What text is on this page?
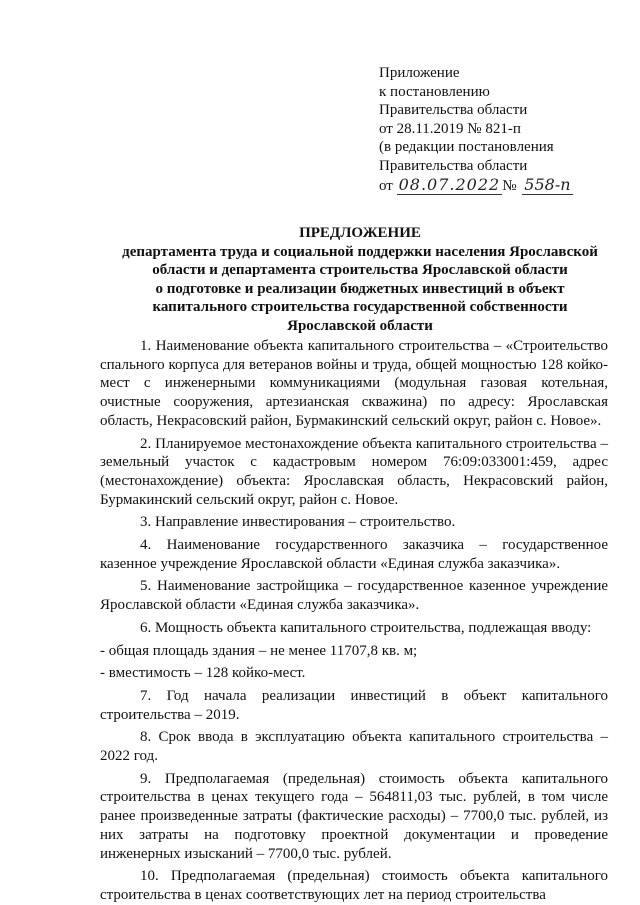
Приложение
к постановлению
Правительства области
от 28.11.2019 № 821-п
(в редакции постановления
Правительства области
от 08.07.2022 № 558-п
ПРЕДЛОЖЕНИЕ
департамента труда и социальной поддержки населения Ярославской
области и департамента строительства Ярославской области
о подготовке и реализации бюджетных инвестиций в объект
капитального строительства государственной собственности
Ярославской области

1. Наименование объекта капитального строительства – «Строительство спального корпуса для ветеранов войны и труда, общей мощностью 128 койко-мест с инженерными коммуникациями (модульная газовая котельная, очистные сооружения, артезианская скважина) по адресу: Ярославская область, Некрасовский район, Бурмакинский сельский округ, район с. Новое».

2. Планируемое местонахождение объекта капитального строительства – земельный участок с кадастровым номером 76:09:033001:459, адрес (местонахождение) объекта: Ярославская область, Некрасовский район, Бурмакинский сельский округ, район с. Новое.

3. Направление инвестирования – строительство.

4. Наименование государственного заказчика – государственное казенное учреждение Ярославской области «Единая служба заказчика».

5. Наименование застройщика – государственное казенное учреждение Ярославской области «Единая служба заказчика».

6. Мощность объекта капитального строительства, подлежащая вводу:

- общая площадь здания – не менее 11707,8 кв. м;

- вместимость – 128 койко-мест.

7. Год начала реализации инвестиций в объект капитального строительства – 2019.

8. Срок ввода в эксплуатацию объекта капитального строительства – 2022 год.

9. Предполагаемая (предельная) стоимость объекта капитального строительства в ценах текущего года – 564811,03 тыс. рублей, в том числе ранее произведенные затраты (фактические расходы) – 7700,0 тыс. рублей, из них затраты на подготовку проектной документации и проведение инженерных изысканий – 7700,0 тыс. рублей.

10. Предполагаемая (предельная) стоимость объекта капитального строительства в ценах соответствующих лет на период строительства
